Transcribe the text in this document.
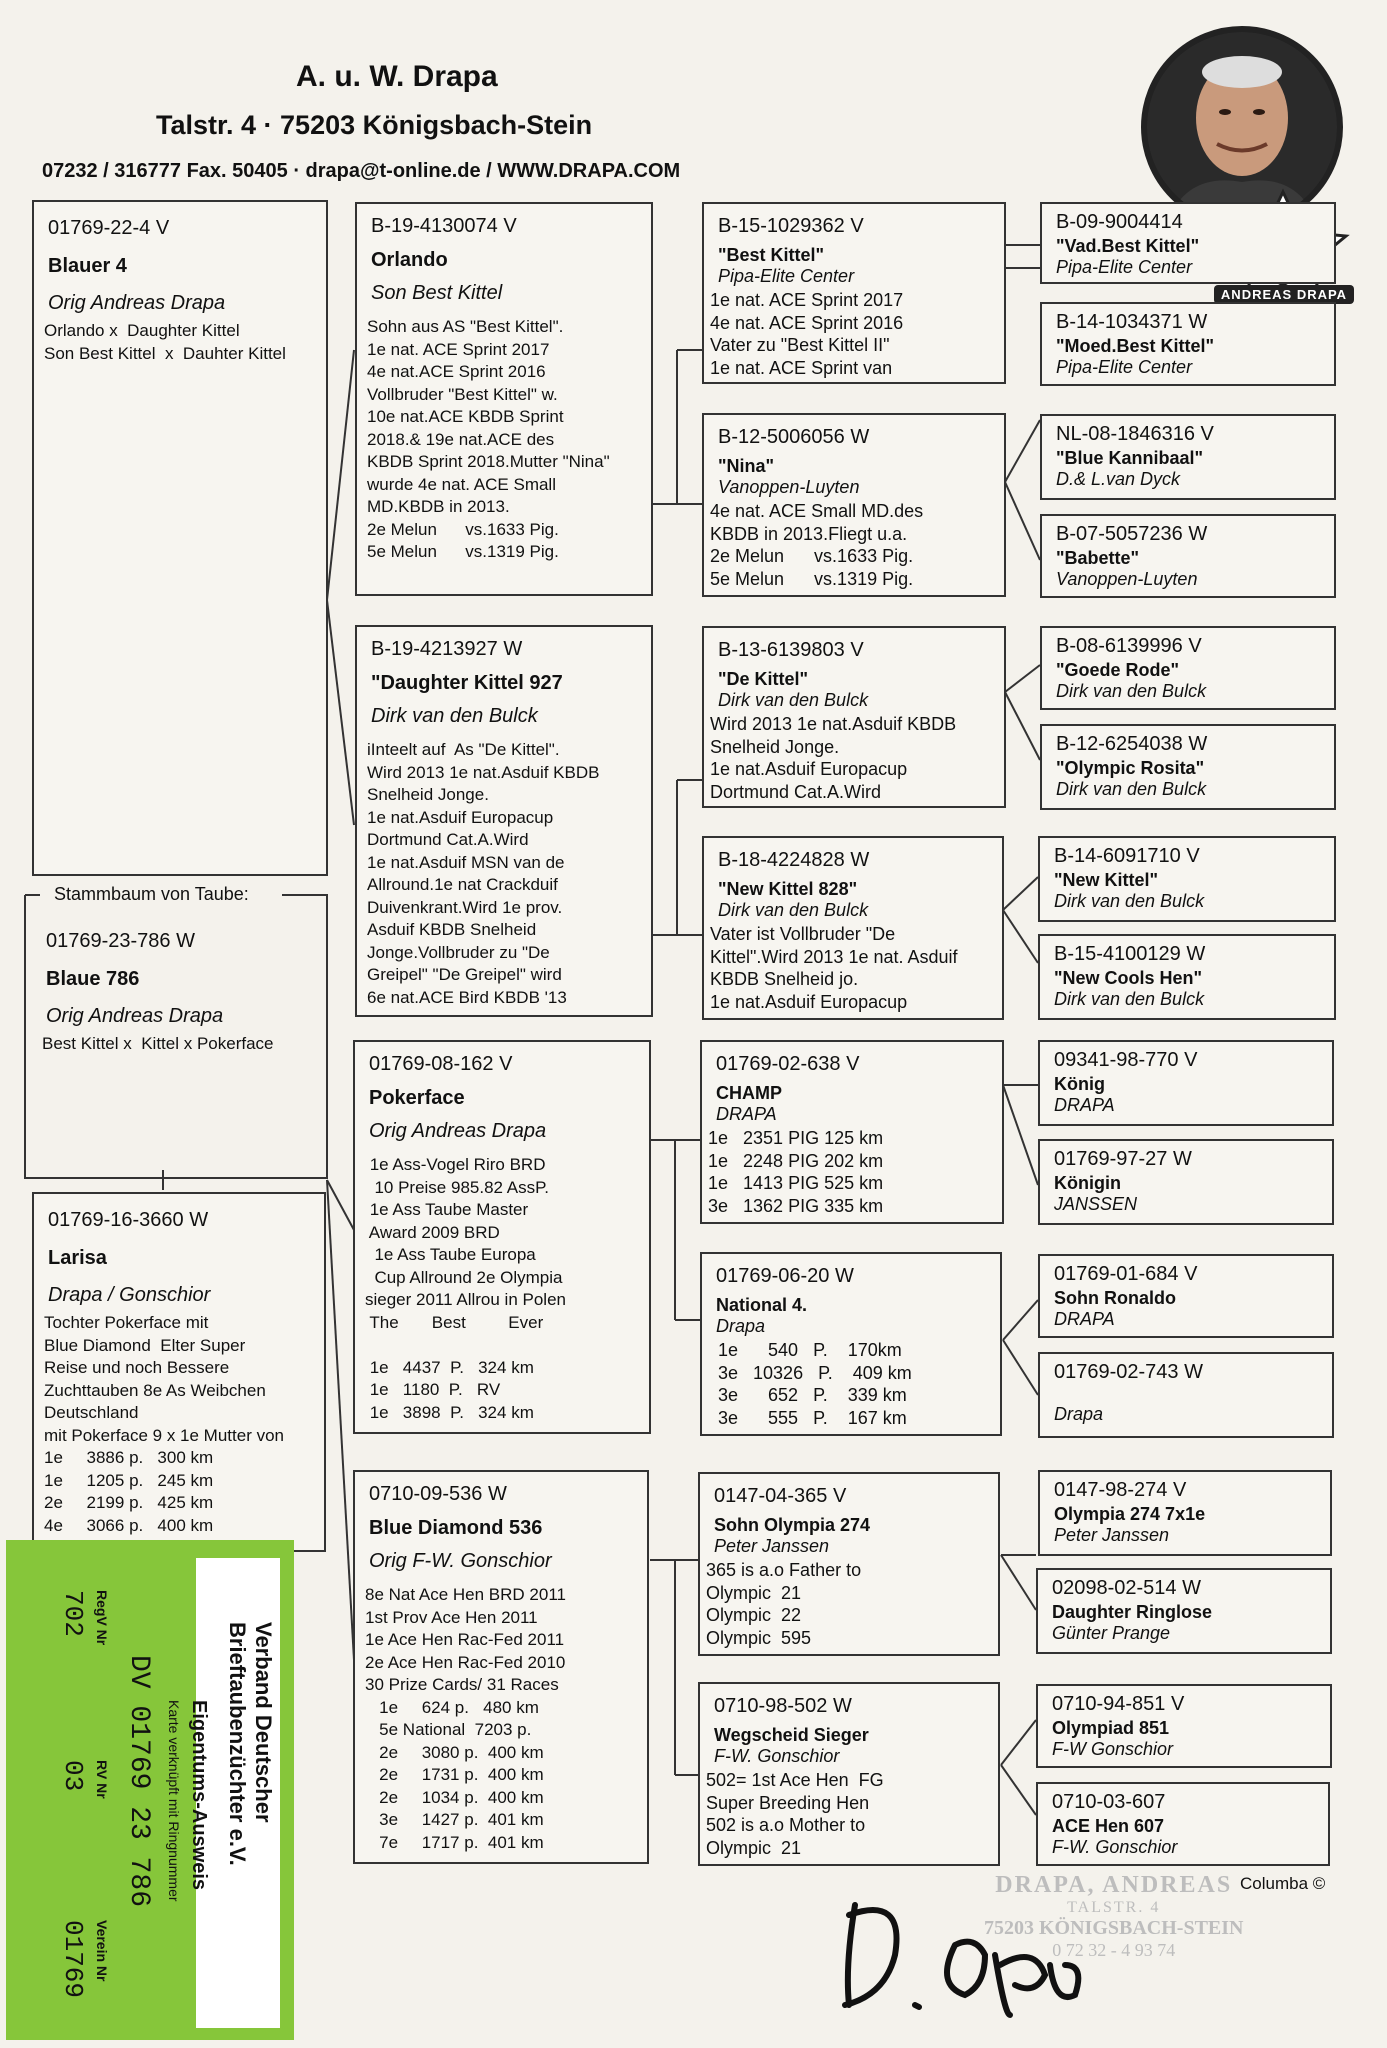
A. u. W. Drapa
Talstr. 4 · 75203 Königsbach-Stein
07232 / 316777 Fax. 50405 · drapa@t-online.de / WWW.DRAPA.COM
ANDREAS DRAPA
01769-22-4 V
Blauer 4
Orig Andreas Drapa
Orlando x  Daughter Kittel
Son Best Kittel  x  Dauhter Kittel
Stammbaum von Taube:
01769-23-786 W
Blaue 786
Orig Andreas Drapa
Best Kittel x  Kittel x Pokerface
01769-16-3660 W
Larisa
Drapa / Gonschior
Tochter Pokerface mit
Blue Diamond  Elter Super
Reise und noch Bessere
Zuchttauben 8e As Weibchen
Deutschland
mit Pokerface 9 x 1e Mutter von
1e     3886 p.   300 km
1e     1205 p.   245 km
2e     2199 p.   425 km
4e     3066 p.   400 km
B-19-4130074 V
Orlando
Son Best Kittel
Sohn aus AS "Best Kittel".
1e nat. ACE Sprint 2017
4e nat.ACE Sprint 2016
Vollbruder "Best Kittel" w.
10e nat.ACE KBDB Sprint
2018.& 19e nat.ACE des
KBDB Sprint 2018.Mutter "Nina"
wurde 4e nat. ACE Small
MD.KBDB in 2013.
2e Melun      vs.1633 Pig.
5e Melun      vs.1319 Pig.
B-19-4213927 W
"Daughter Kittel 927
Dirk van den Bulck
iInteelt auf  As "De Kittel".
Wird 2013 1e nat.Asduif KBDB
Snelheid Jonge.
1e nat.Asduif Europacup
Dortmund Cat.A.Wird
1e nat.Asduif MSN van de
Allround.1e nat Crackduif
Duivenkrant.Wird 1e prov.
Asduif KBDB Snelheid
Jonge.Vollbruder zu "De
Greipel" "De Greipel" wird
6e nat.ACE Bird KBDB '13
01769-08-162 V
Pokerface
Orig Andreas Drapa
1e Ass-Vogel Riro BRD
10 Preise 985.82 AssP.
1e Ass Taube Master
Award 2009 BRD
1e Ass Taube Europa
Cup Allround 2e Olympia
sieger 2011 Allrou in Polen
The       Best         Ever

1e   4437  P.   324 km
1e   1180  P.   RV
1e   3898  P.   324 km
0710-09-536 W
Blue Diamond 536
Orig F-W. Gonschior
8e Nat Ace Hen BRD 2011
1st Prov Ace Hen 2011
1e Ace Hen Rac-Fed 2011
2e Ace Hen Rac-Fed 2010
30 Prize Cards/ 31 Races
1e     624 p.   480 km
5e National  7203 p.
2e     3080 p.  400 km
2e     1731 p.  400 km
2e     1034 p.  400 km
3e     1427 p.  401 km
7e     1717 p.  401 km
B-15-1029362 V
"Best Kittel"
Pipa-Elite Center
1e nat. ACE Sprint 2017
4e nat. ACE Sprint 2016
Vater zu "Best Kittel II"
1e nat. ACE Sprint van
B-12-5006056 W
"Nina"
Vanoppen-Luyten
4e nat. ACE Small MD.des
KBDB in 2013.Fliegt u.a.
2e Melun      vs.1633 Pig.
5e Melun      vs.1319 Pig.
B-13-6139803 V
"De Kittel"
Dirk van den Bulck
Wird 2013 1e nat.Asduif KBDB
Snelheid Jonge.
1e nat.Asduif Europacup
Dortmund Cat.A.Wird
B-18-4224828 W
"New Kittel 828"
Dirk van den Bulck
Vater ist Vollbruder "De
Kittel".Wird 2013 1e nat. Asduif
KBDB Snelheid jo.
1e nat.Asduif Europacup
01769-02-638 V
CHAMP
DRAPA
1e   2351 PIG 125 km
1e   2248 PIG 202 km
1e   1413 PIG 525 km
3e   1362 PIG 335 km
01769-06-20 W
National 4.
Drapa
1e      540   P.    170km
3e   10326   P.    409 km
3e      652   P.    339 km
3e      555   P.    167 km
0147-04-365 V
Sohn Olympia 274
Peter Janssen
365 is a.o Father to
Olympic  21
Olympic  22
Olympic  595
0710-98-502 W
Wegscheid Sieger
F-W. Gonschior
502= 1st Ace Hen  FG
Super Breeding Hen
502 is a.o Mother to
Olympic  21
B-09-9004414
"Vad.Best Kittel"
Pipa-Elite Center
B-14-1034371 W
"Moed.Best Kittel"
Pipa-Elite Center
NL-08-1846316 V
"Blue Kannibaal"
D.& L.van Dyck
B-07-5057236 W
"Babette"
Vanoppen-Luyten
B-08-6139996 V
"Goede Rode"
Dirk van den Bulck
B-12-6254038 W
"Olympic Rosita"
Dirk van den Bulck
B-14-6091710 V
"New Kittel"
Dirk van den Bulck
B-15-4100129 W
"New Cools Hen"
Dirk van den Bulck
09341-98-770 V
König
DRAPA
01769-97-27 W
Königin
JANSSEN
01769-01-684 V
Sohn Ronaldo
DRAPA
01769-02-743 W
Drapa
0147-98-274 V
Olympia 274 7x1e
Peter Janssen
02098-02-514 W
Daughter Ringlose
Günter Prange
0710-94-851 V
Olympiad 851
F-W Gonschior
0710-03-607
ACE Hen 607
F-W. Gonschior
Verband Deutscher
Brieftaubenzüchter e.V.
Eigentums-Ausweis
Karte verknüpft mit Ringnummer
DV 01769 23 786
RegV Nr
702
RV Nr
03
Verein Nr
01769
DRAPA, ANDREAS
TALSTR. 4
75203 KÖNIGSBACH-STEIN
0 72 32 - 4 93 74
Columba ©
